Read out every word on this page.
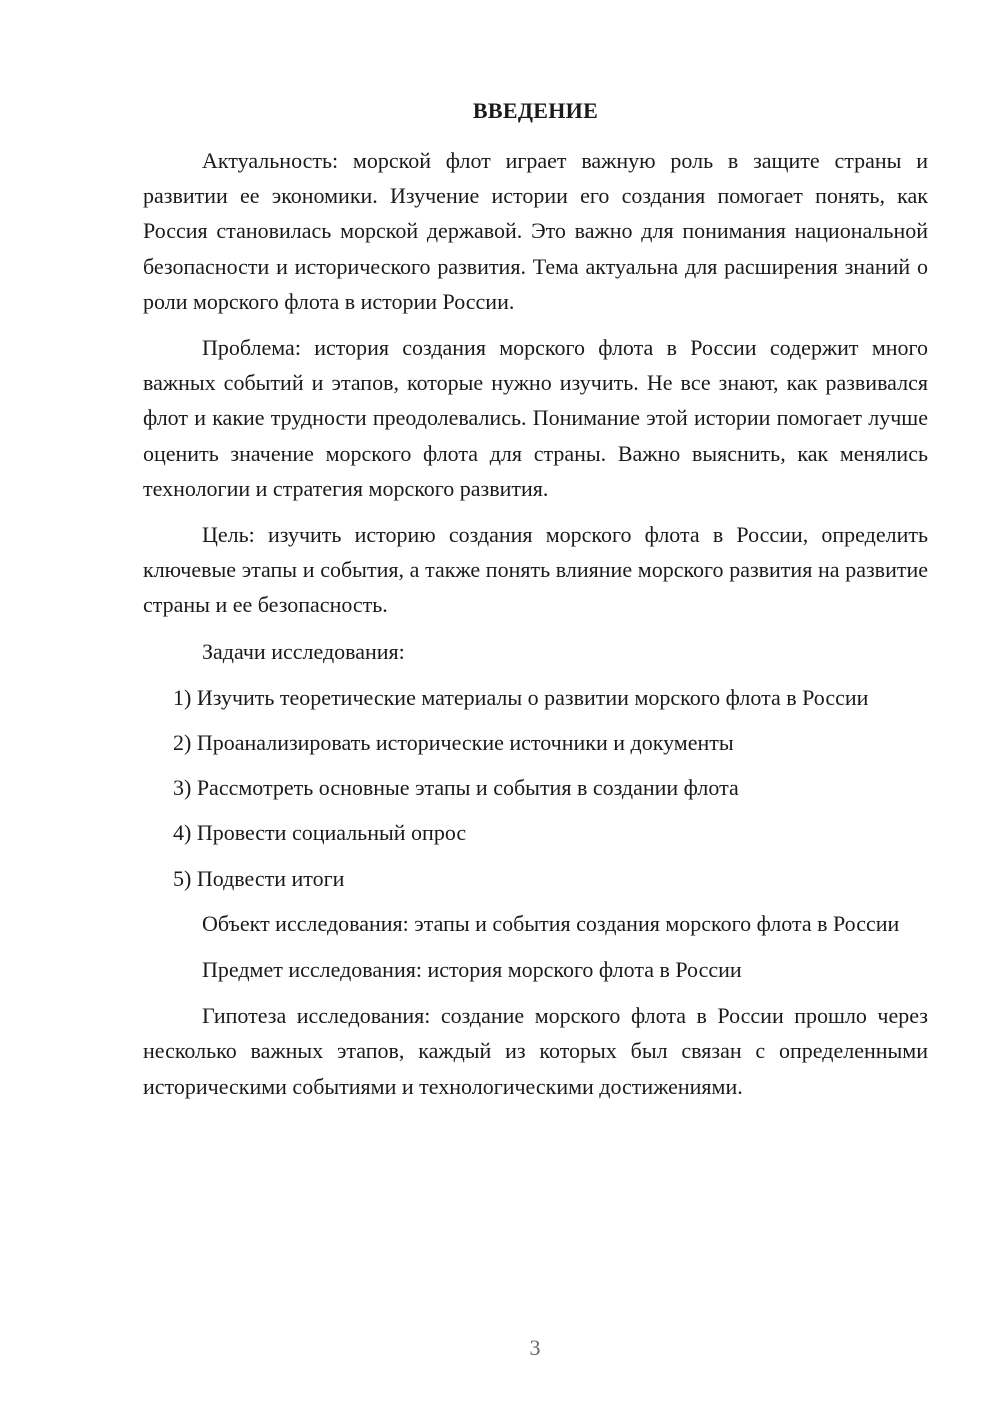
ВВЕДЕНИЕ

Актуальность: морской флот играет важную роль в защите страны и развитии ее экономики. Изучение истории его создания помогает понять, как Россия становилась морской державой. Это важно для понимания национальной безопасности и исторического развития. Тема актуальна для расширения знаний о роли морского флота в истории России.

Проблема: история создания морского флота в России содержит много важных событий и этапов, которые нужно изучить. Не все знают, как развивался флот и какие трудности преодолевались. Понимание этой истории помогает лучше оценить значение морского флота для страны. Важно выяснить, как менялись технологии и стратегия морского развития.

Цель: изучить историю создания морского флота в России, определить ключевые этапы и события, а также понять влияние морского развития на развитие страны и ее безопасность.

Задачи исследования:

1) Изучить теоретические материалы о развитии морского флота в России

2) Проанализировать исторические источники и документы

3) Рассмотреть основные этапы и события в создании флота

4) Провести социальный опрос

5) Подвести итоги

Объект исследования: этапы и события создания морского флота в России

Предмет исследования: история морского флота в России

Гипотеза исследования: создание морского флота в России прошло через несколько важных этапов, каждый из которых был связан с определенными историческими событиями и технологическими достижениями.

3
